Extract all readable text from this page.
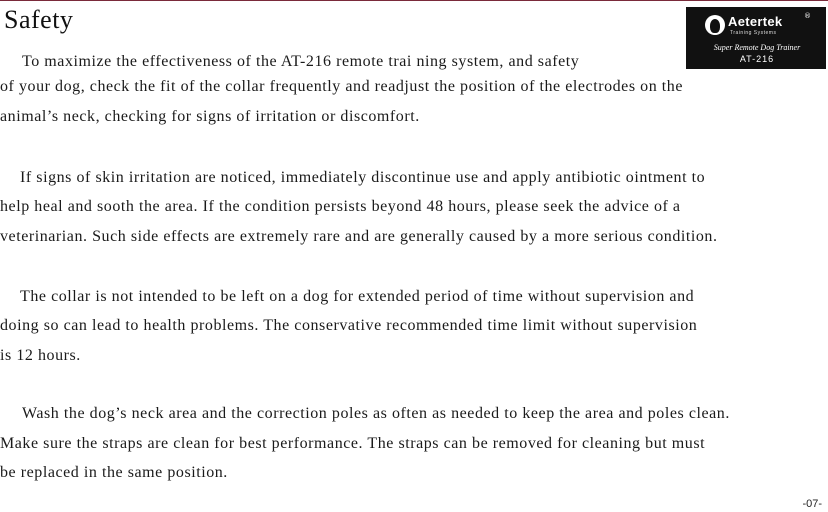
Safety	Aetertek	®
Training Systems
Super Remote Dog Trainer
AT-216
To maximize the effectiveness of the AT-216 remote trai ning system, and safety
of your dog, check the fit of the collar frequently and readjust the position of the electrodes on the
animal’s neck, checking for signs of irritation or discomfort.
If signs of skin irritation are noticed, immediately discontinue use and apply antibiotic ointment to
help heal and sooth the area. If the condition persists beyond 48 hours, please seek the advice of a
veterinarian. Such side effects are extremely rare and are generally caused by a more serious condition.
The collar is not intended to be left on a dog for extended period of time without supervision and
doing so can lead to health problems. The conservative recommended time limit without supervision
is 12 hours.
Wash the dog’s neck area and the correction poles as often as needed to keep the area and poles clean.
Make sure the straps are clean for best performance. The straps can be removed for cleaning but must
be replaced in the same position.
-07-
